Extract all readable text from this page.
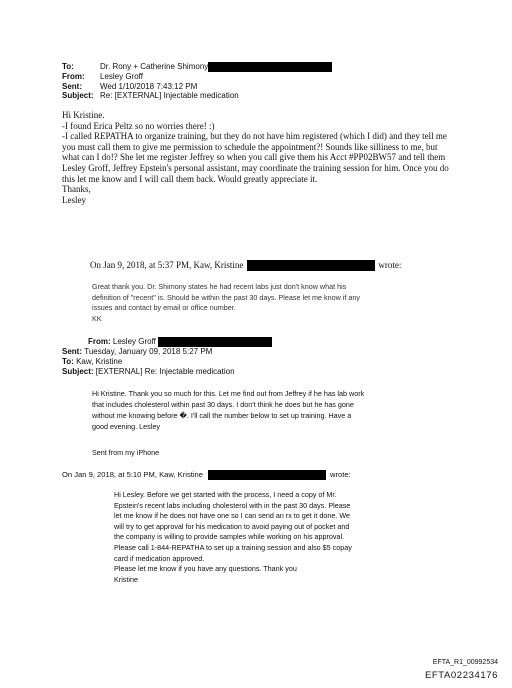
To:	Dr. Rony + Catherine Shimony
From:	Lesley Groff
Sent:	Wed 1/10/2018 7:43:12 PM
Subject: Re: [EXTERNAL] Injectable medication

Hi Kristine.

-I found Erica Peltz so no worries there! :)

-I called REPATHA to organize training, but they do not have him registered (which I did) and they tell me you must call them to give me permission to schedule the appointment?! Sounds like silliness to me, but what can I do!? She let me register Jeffrey so when you call give them his Acct #PP02BW57 and tell them Lesley Groff, Jeffrey Epstein's personal assistant, may coordinate the training session for him. Once you do this let me know and I will call them back. Would greatly appreciate it.

Thanks,

Lesley

On Jan 9, 2018, at 5:37 PM, Kaw, Kristine	wrote:

Great thank you. Dr. Shimony states he had recent labs just don't know what his

definition of "recent" is. Should be within the past 30 days. Please let me know if any

issues and contact by email or office number.

KK

From:
Lesley Groff
Sent:
Tuesday, January 09, 2018 5:27 PM
To:
Kaw, Kristine
Subject:
[EXTERNAL] Re: Injectable medication

Hi Kristine. Thank you so much for this. Let me find out from Jeffrey if he has lab work

that includes cholesterol within past 30 days. I don't think he does but he has gone

without me knowing before �. I'll call the number below to set up training. Have a

good evening. Lesley

Sent from my iPhone
On Jan 9, 2018, at 5:10 PM, Kaw, Kristine	wrote:

Hi Lesley. Before we get started with the process, I need a copy of Mr.

Epstein's recent labs including cholesterol with in the past 30 days. Please

let me know if he does not have one so I can send an rx to get it done. We

will try to get approval for his medication to avoid paying out of pocket and

the company is willing to provide samples while working on his approval.

Please call 1-844-REPATHA to set up a training session and also $5 copay

card if medication approved.

Please let me know if you have any questions. Thank you

Kristine

EFTA_R1_00992534
EFTA02234176
